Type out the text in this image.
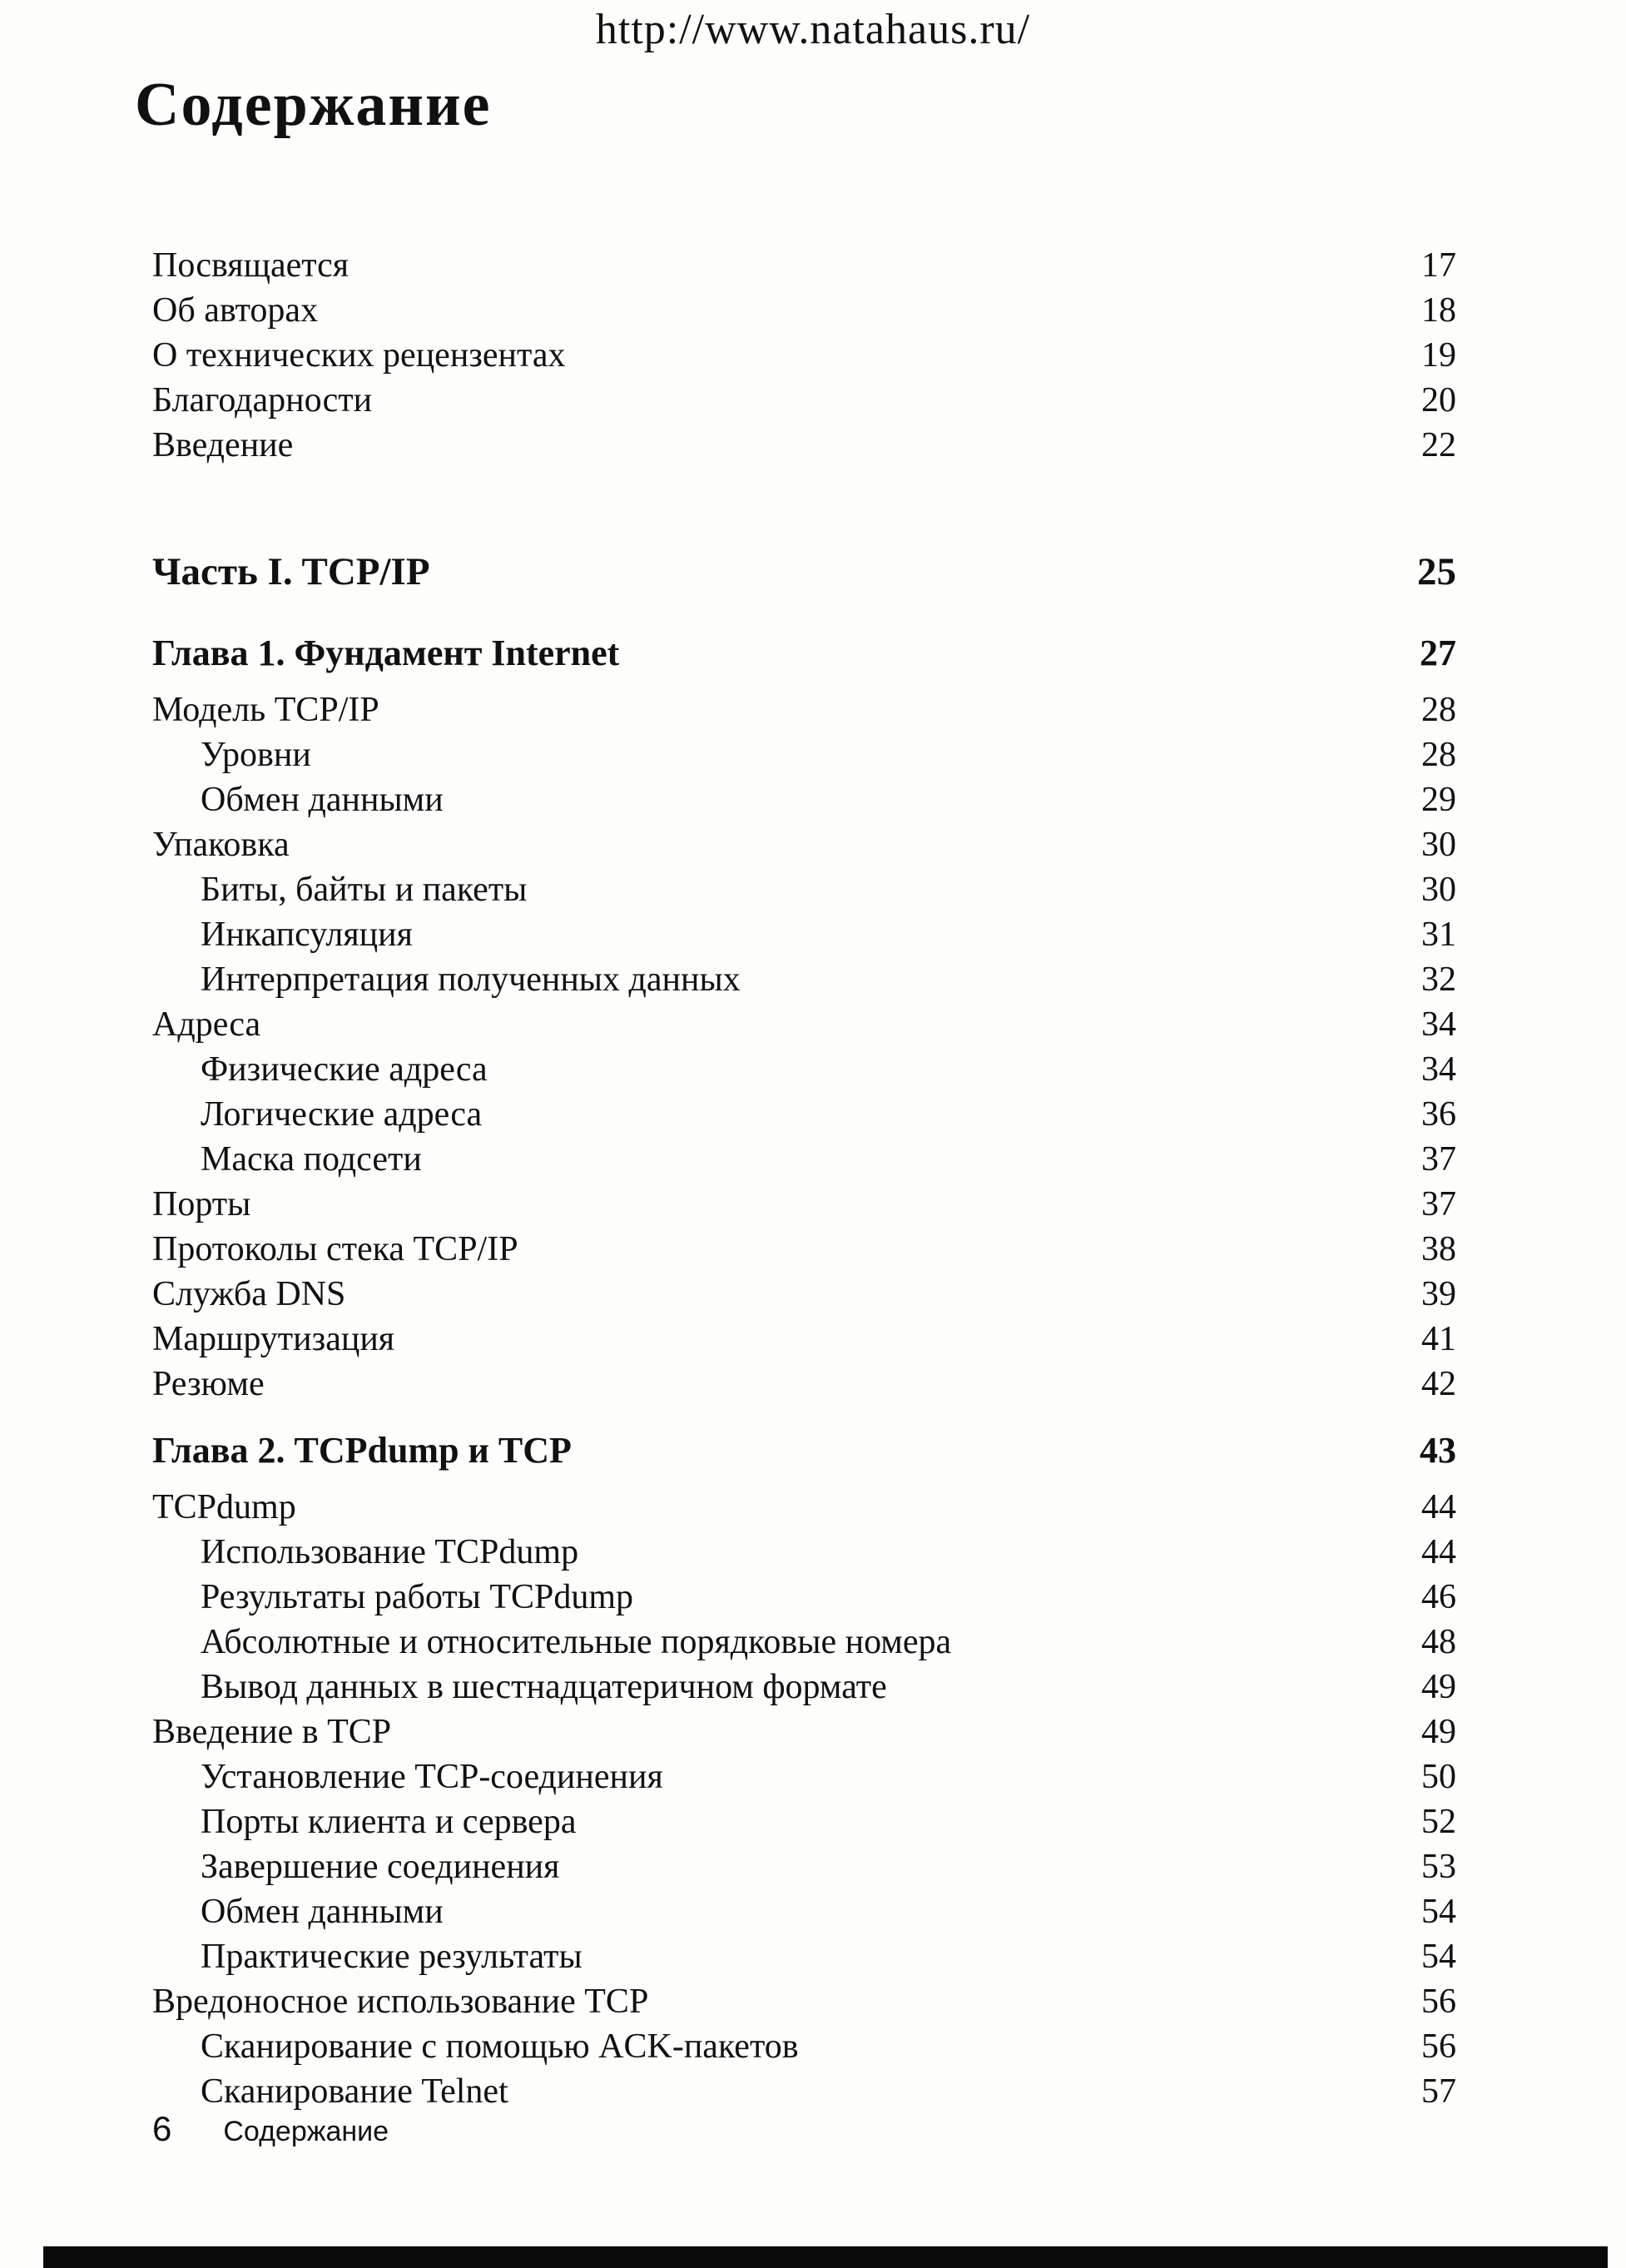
http://www.natahaus.ru/
Содержание
Посвящается	17
Об авторах	18
О технических рецензентах	19
Благодарности	20
Введение	22
Часть I. TCP/IP	25
Глава 1. Фундамент Internet	27
Модель TCP/IP	28
Уровни	28
Обмен данными	29
Упаковка	30
Биты, байты и пакеты	30
Инкапсуляция	31
Интерпретация полученных данных	32
Адреса	34
Физические адреса	34
Логические адреса	36
Маска подсети	37
Порты	37
Протоколы стека TCP/IP	38
Служба DNS	39
Маршрутизация	41
Резюме	42
Глава 2. TCPdump и TCP	43
TCPdump	44
Использование TCPdump	44
Результаты работы TCPdump	46
Абсолютные и относительные порядковые номера	48
Вывод данных в шестнадцатеричном формате	49
Введение в TCP	49
Установление TCP-соединения	50
Порты клиента и сервера	52
Завершение соединения	53
Обмен данными	54
Практические результаты	54
Вредоносное использование TCP	56
Сканирование с помощью ACK-пакетов	56
Сканирование Telnet	57
6 Содержание
